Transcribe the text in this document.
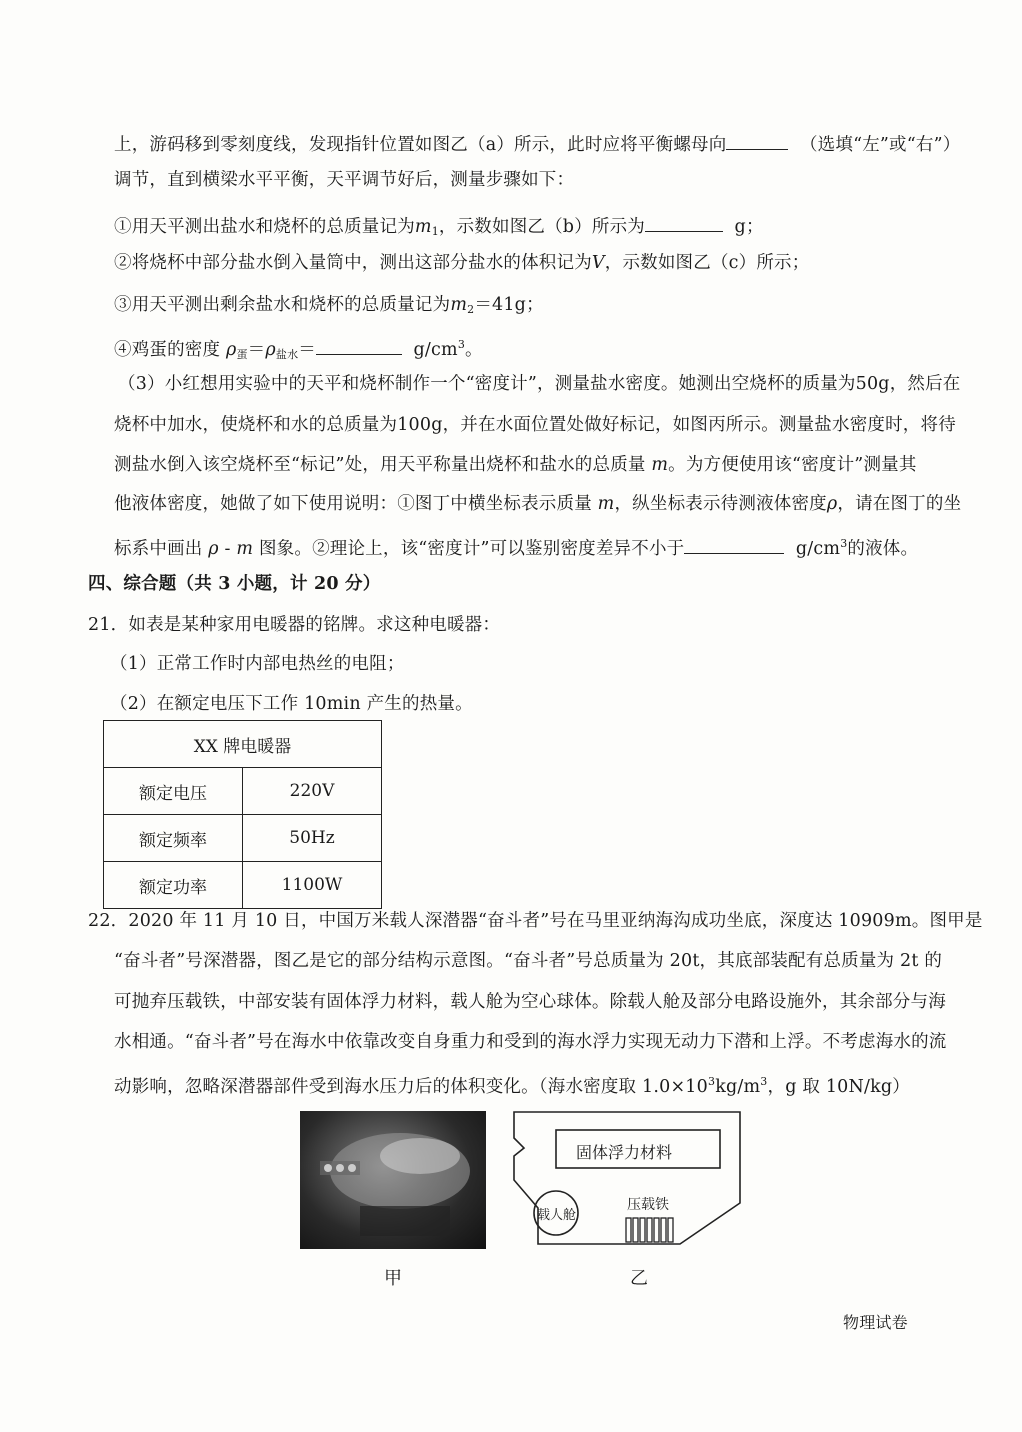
上，游码移到零刻度线，发现指针位置如图乙（a）所示，此时应将平衡螺母向	（选填“左”或“右”）
调节，直到横梁水平平衡，天平调节好后，测量步骤如下：
①用天平测出盐水和烧杯的总质量记为$m_1$，示数如图乙（b）所示为	g；
②将烧杯中部分盐水倒入量筒中，测出这部分盐水的体积记为V，示数如图乙（c）所示；
③用天平测出剩余盐水和烧杯的总质量记为$m_2=41g$；
④鸡蛋的密度 $\rho_蛋=\rho_{盐水}=$	$g/cm^3$。
（3）小红想用实验中的天平和烧杯制作一个“密度计”，测量盐水密度。她测出空烧杯的质量为50g，然后在
烧杯中加水，使烧杯和水的总质量为100g，并在水面位置处做好标记，如图丙所示。测量盐水密度时，将待
测盐水倒入该空烧杯至“标记”处，用天平称量出烧杯和盐水的总质量 m。为方便使用该“密度计”测量其
他液体密度，她做了如下使用说明：①图丁中横坐标表示质量 m，纵坐标表示待测液体密度ρ，请在图丁的坐
标系中画出 ρ - m 图象。②理论上，该“密度计”可以鉴别密度差异不小于	$g/cm^3$的液体。
四、综合题（共 3 小题，计 20 分）
21．如表是某种家用电暖器的铭牌。求这种电暖器：
（1）正常工作时内部电热丝的电阻；
（2）在额定电压下工作 10min 产生的热量。
XX 牌电暖器	
额定电压	220V
额定频率	50Hz
额定功率	1100W
22．2020 年 11 月 10 日，中国万米载人深潜器“奋斗者”号在马里亚纳海沟成功坐底，深度达 10909m。图甲是
“奋斗者”号深潜器，图乙是它的部分结构示意图。“奋斗者”号总质量为 20t，其底部装配有总质量为 2t 的
可抛弃压载铁，中部安装有固体浮力材料，载人舱为空心球体。除载人舱及部分电路设施外，其余部分与海
水相通。“奋斗者”号在海水中依靠改变自身重力和受到的海水浮力实现无动力下潜和上浮。不考虑海水的流
动影响，忽略深潜器部件受到海水压力后的体积变化。（海水密度取 $1.0\times 10^3kg/m^3$，g 取 10N/kg）
甲
固体浮力材料
载人舱
压载铁
乙
物理试卷
